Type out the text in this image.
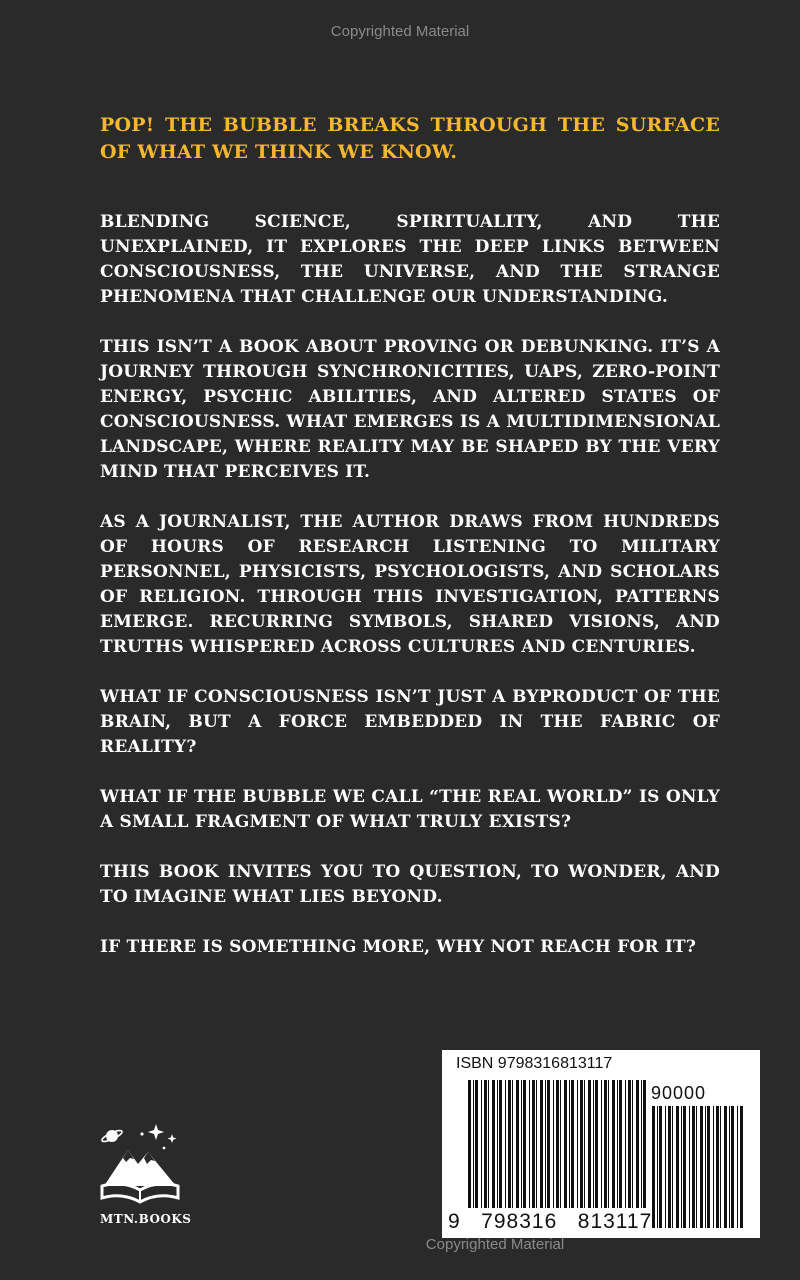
Copyrighted Material

POP! THE BUBBLE BREAKS THROUGH THE SURFACE OF WHAT WE THINK WE KNOW.

BLENDING SCIENCE, SPIRITUALITY, AND THE UNEXPLAINED, IT EXPLORES THE DEEP LINKS BETWEEN CONSCIOUSNESS, THE UNIVERSE, AND THE STRANGE PHENOMENA THAT CHALLENGE OUR UNDERSTANDING.

THIS ISN’T A BOOK ABOUT PROVING OR DEBUNKING. IT’S A JOURNEY THROUGH SYNCHRONICITIES, UAPS, ZERO-POINT ENERGY, PSYCHIC ABILITIES, AND ALTERED STATES OF CONSCIOUSNESS. WHAT EMERGES IS A MULTIDIMENSIONAL LANDSCAPE, WHERE REALITY MAY BE SHAPED BY THE VERY MIND THAT PERCEIVES IT.

AS A JOURNALIST, THE AUTHOR DRAWS FROM HUNDREDS OF HOURS OF RESEARCH LISTENING TO MILITARY PERSONNEL, PHYSICISTS, PSYCHOLOGISTS, AND SCHOLARS OF RELIGION. THROUGH THIS INVESTIGATION, PATTERNS EMERGE. RECURRING SYMBOLS, SHARED VISIONS, AND TRUTHS WHISPERED ACROSS CULTURES AND CENTURIES.

WHAT IF CONSCIOUSNESS ISN’T JUST A BYPRODUCT OF THE BRAIN, BUT A FORCE EMBEDDED IN THE FABRIC OF REALITY?

WHAT IF THE BUBBLE WE CALL “THE REAL WORLD” IS ONLY A SMALL FRAGMENT OF WHAT TRULY EXISTS?

THIS BOOK INVITES YOU TO QUESTION, TO WONDER, AND TO IMAGINE WHAT LIES BEYOND.

IF THERE IS SOMETHING MORE, WHY NOT REACH FOR IT?

MTN.BOOKS
ISBN 9798316813117
90000
9   798316   813117
Copyrighted Material
